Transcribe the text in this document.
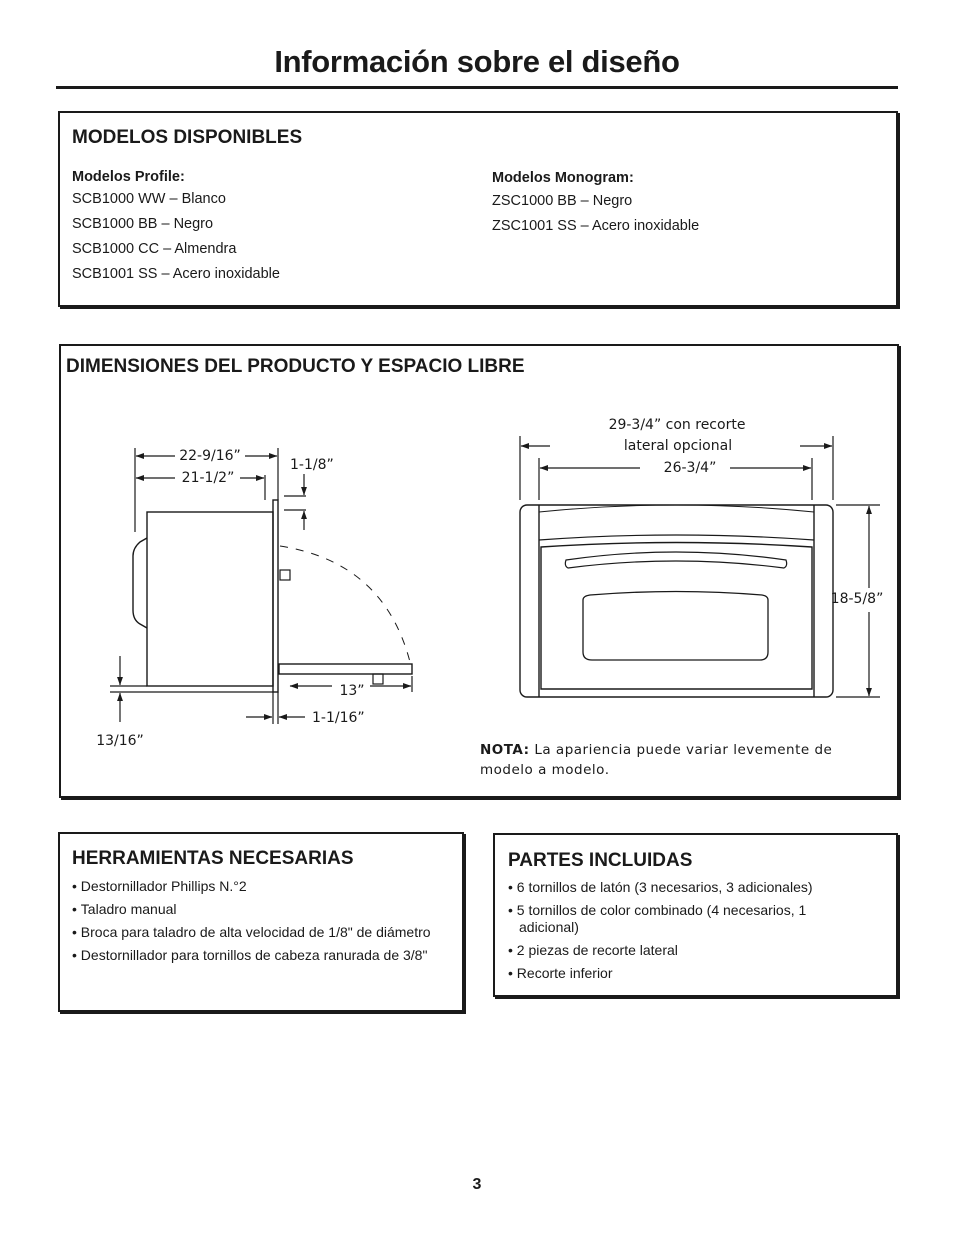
Información sobre el diseño
MODELOS DISPONIBLES

Modelos Profile:

SCB1000 WW – Blanco
SCB1000 BB – Negro
SCB1000 CC – Almendra
SCB1001 SS – Acero inoxidable

Modelos Monogram:

ZSC1000 BB – Negro
ZSC1001 SS – Acero inoxidable
DIMENSIONES DEL PRODUCTO Y ESPACIO LIBRE
22-9/16”
21-1/2”
1-1/8”
13”
1-1/16”
13/16”
29-3/4” con recorte
lateral opcional
26-3/4”
18-5/8”

NOTA: La apariencia puede variar levemente de modelo a modelo.

HERRAMIENTAS NECESARIAS
• Destornillador Phillips N.°2
• Taladro manual
• Broca para taladro de alta velocidad de 1/8" de diámetro
• Destornillador para tornillos de cabeza ranurada de 3/8"
PARTES INCLUIDAS
• 6 tornillos de latón (3 necesarios, 3 adicionales)
• 5 tornillos de color combinado (4 necesarios, 1 adicional)
• 2 piezas de recorte lateral
• Recorte inferior
3
